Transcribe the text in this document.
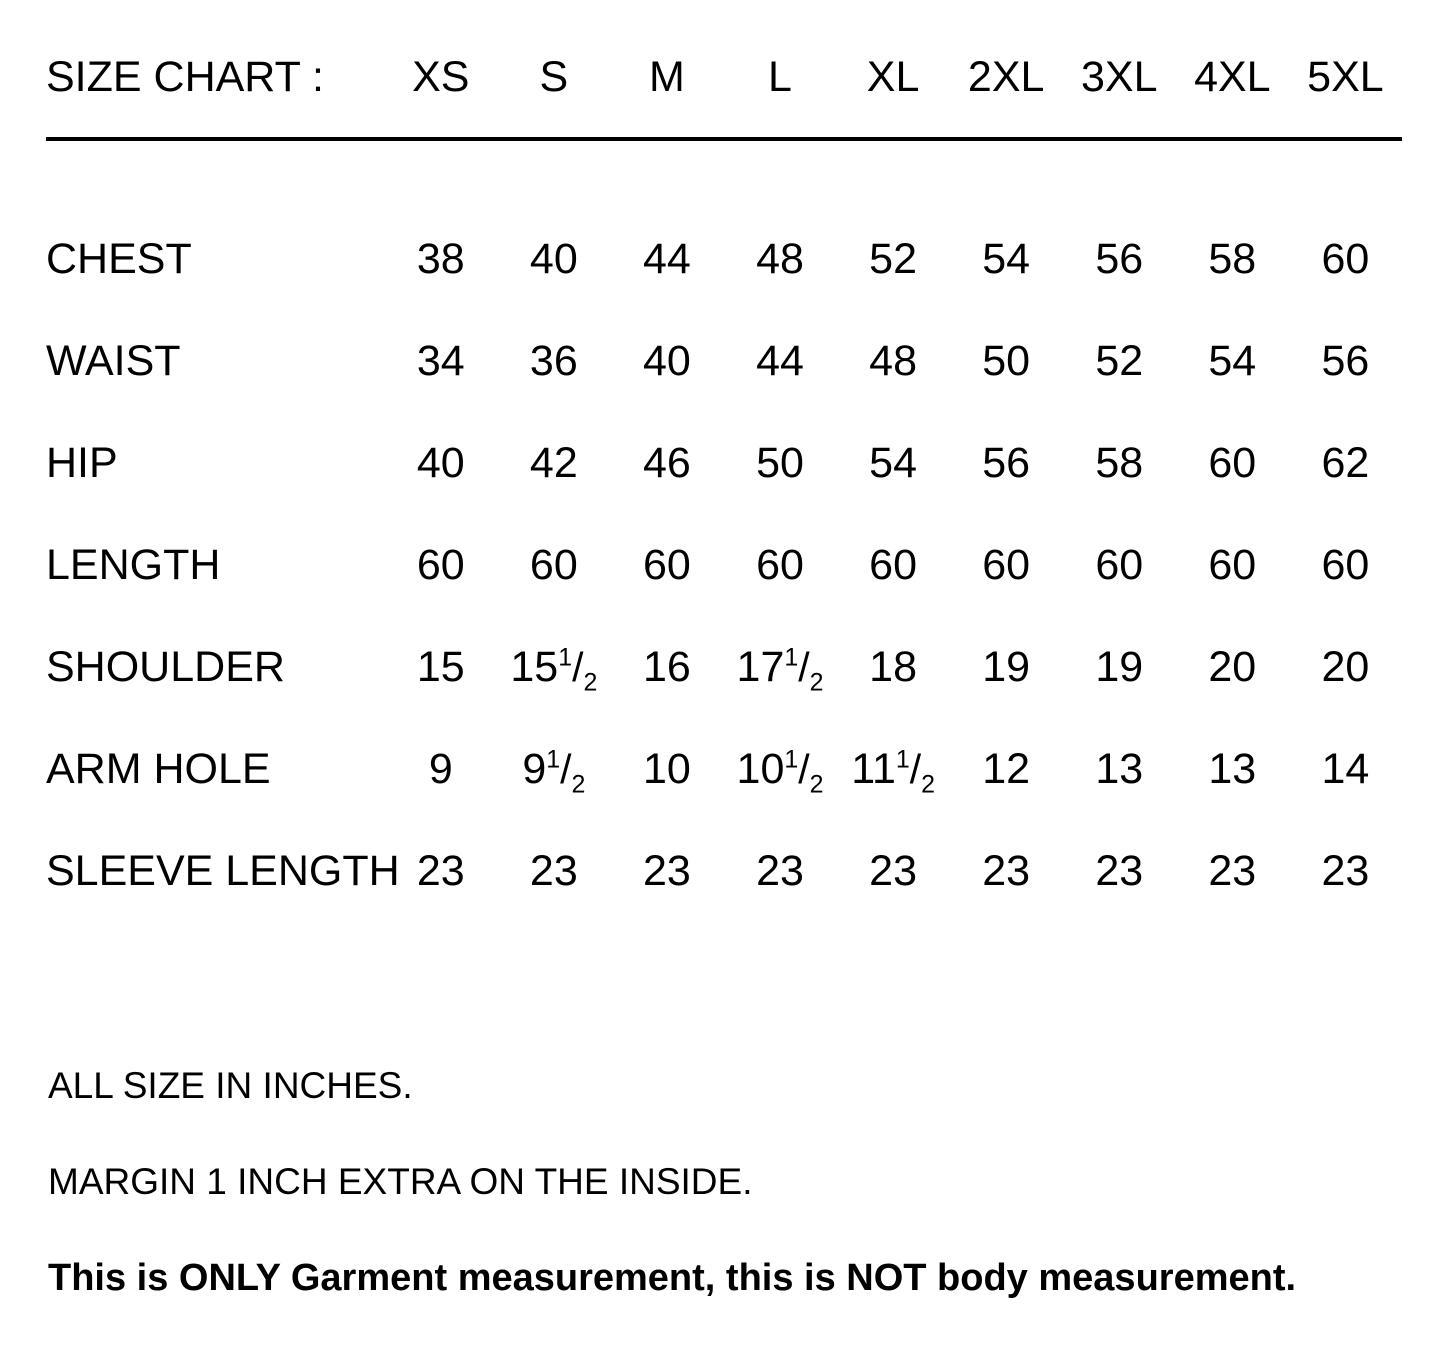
SIZE CHART :	XS	S	M	L	XL	2XL	3XL	4XL	5XL

CHEST	38	40	44	48	52	54	56	58	60
WAIST	34	36	40	44	48	50	52	54	56
HIP	40	42	46	50	54	56	58	60	62
LENGTH	60	60	60	60	60	60	60	60	60
SHOULDER	15	$15^1/_2$	16	$17^1/_2$	18	19	19	20	20
ARM HOLE	9	$9^1/_2$	10	$10^1/_2$	$11^1/_2$	12	13	13	14
SLEEVE LENGTH	23	23	23	23	23	23	23	23	23
ALL SIZE IN INCHES.
MARGIN 1 INCH EXTRA ON THE INSIDE.
This is ONLY Garment measurement, this is NOT body measurement.
